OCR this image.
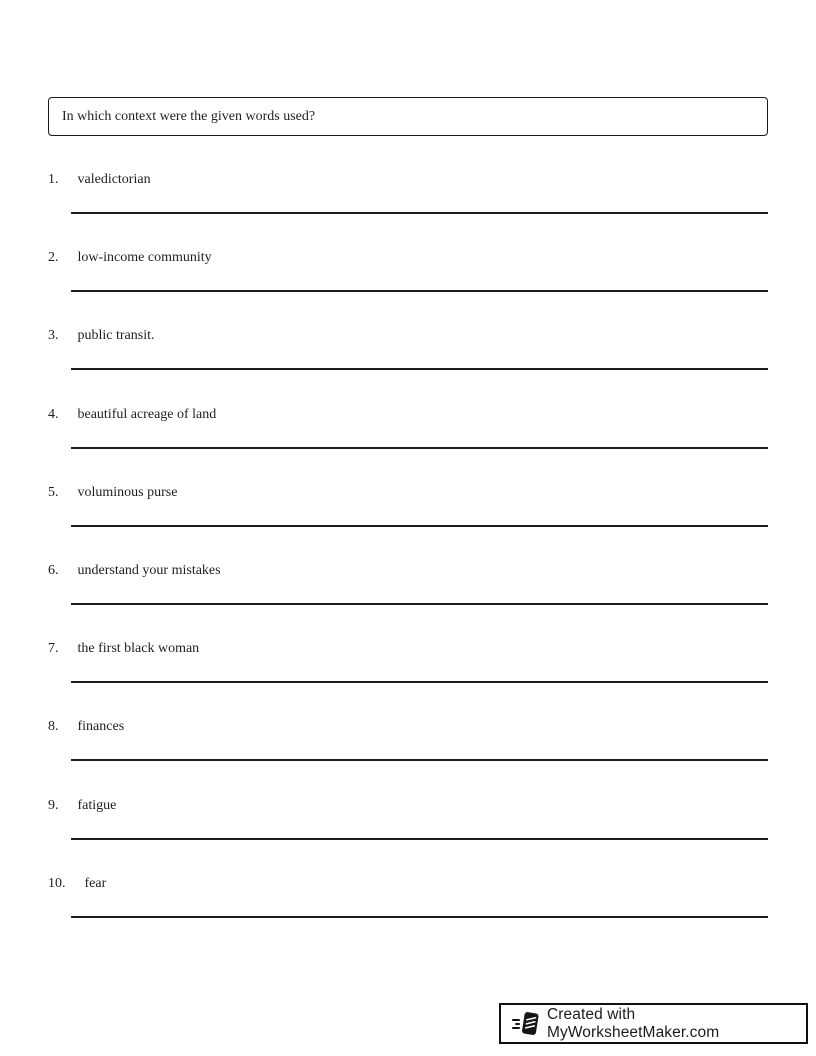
In which context were the given words used?
1. valedictorian
2. low-income community
3. public transit.
4. beautiful acreage of land
5. voluminous purse
6. understand your mistakes
7. the first black woman
8. finances
9. fatigue
10. fear
Created with MyWorksheetMaker.com
